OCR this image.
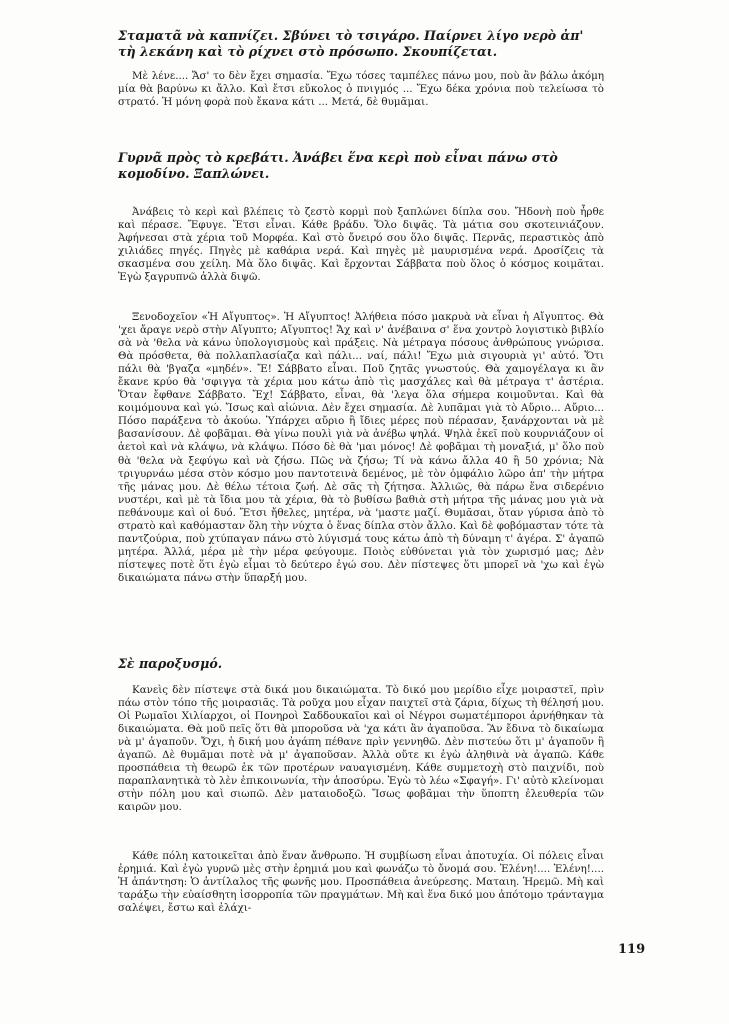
Σταματᾶ νὰ καπνίζει. Σβύνει τὸ τσιγάρο. Παίρνει λίγο νερὸ ἀπ' τὴ λεκάνη καὶ τὸ ρίχνει στὸ πρόσωπο. Σκουπίζεται.

Μὲ λένε.... Ἄσ' το δὲν ἔχει σημασία. Ἔχω τόσες ταμπέλες πάνω μου, ποὺ ἂν βάλω ἀκόμη μία θὰ βαρύνω κι ἄλλο. Καὶ ἔτσι εὔκολος ὁ πνιγμός ... Ἔχω δέκα χρόνια ποὺ τελείωσα τὸ στρατό. Ἡ μόνη φορὰ ποὺ ἔκανα κάτι ... Μετά, δὲ θυμᾶμαι.

Γυρνᾶ πρὸς τὸ κρεβάτι. Ἀνάβει ἕνα κερὶ ποὺ εἶναι πάνω στὸ κομοδίνο. Ξαπλώνει.

Ἀνάβεις τὸ κερὶ καὶ βλέπεις τὸ ζεστὸ κορμὶ ποὺ ξαπλώνει δίπλα σου. Ἤδονὴ ποὺ ἦρθε καὶ πέρασε. Ἔφυγε. Ἔτσι εἶναι. Κάθε βράδυ. Ὅλο διψᾶς. Τὰ μάτια σου σκοτεινιάζουν. Ἀφήνεσαι στὰ χέρια τοῦ Μορφέα. Καὶ στὸ ὄνειρό σου ὅλο διψᾶς. Περνᾶς, περαστικὸς ἀπὸ χιλιάδες πηγές. Πηγὲς μὲ καθάρια νερά. Καὶ πηγὲς μὲ μαυρισμένα νερά. Δροσίζεις τὰ σκασμένα σου χείλη. Μὰ ὅλο διψᾶς. Καὶ ἔρχονται Σάββατα ποὺ ὅλος ὁ κόσμος κοιμᾶται. Ἐγὼ ξαγρυπνῶ ἀλλὰ διψῶ.

Ξενοδοχεῖον «Ἡ Αἴγυπτος». Ἡ Αἴγυπτος! Ἀλήθεια πόσο μακρυὰ νὰ εἶναι ἡ Αἴγυπτος. Θὰ 'χει ἄραγε νερὸ στὴν Αἴγυπτο; Αἴγυπτος! Ἄχ καὶ ν' ἀνέβαινα σ' ἕνα χοντρὸ λογιστικὸ βιβλίο σὰ νὰ 'θελα νὰ κάνω ὑπολογισμοὺς καὶ πράξεις. Νὰ μέτραγα πόσους ἀνθρώπους γνώρισα. Θὰ πρόσθετα, θὰ πολλαπλασίαζα καὶ πάλι... ναί, πάλι! Ἔχω μιὰ σιγουριὰ γι' αὐτό. Ὅτι πάλι θὰ 'βγαζα «μηδέν». Ἔ! Σάββατο εἶναι. Ποῦ ζητᾶς γνωστούς. Θὰ χαμογέλαγα κι ἂν ἔκανε κρύο θὰ 'σφιγγα τὰ χέρια μου κάτω ἀπὸ τὶς μασχάλες καὶ θὰ μέτραγα τ' ἀστέρια. Ὅταν ἔφθανε Σάββατο. Ἔχ! Σάββατο, εἶναι, θὰ 'λεγα ὅλα σήμερα κοιμοῦνται. Καὶ θὰ κοιμόμουνα καὶ γώ. Ἴσως καὶ αἰώνια. Δὲν ἔχει σημασία. Δὲ λυπᾶμαι γιὰ τὸ Αὔριο... Αὔριο... Πόσο παράξενα τὸ ἀκούω. Ὑπάρχει αὔριο ἢ ἴδιες μέρες ποὺ πέρασαν, ξανάρχονται νὰ μὲ βασανίσουν. Δὲ φοβᾶμαι. Θὰ γίνω πουλὶ γιὰ νὰ ἀνέβω ψηλά. Ψηλὰ ἐκεῖ ποὺ κουρνιάζουν οἱ ἀετοὶ καὶ νὰ κλάψω, νὰ κλάψω. Πόσο δὲ θὰ 'μαι μόνος! Δὲ φοβᾶμαι τὴ μοναξιά, μ' ὅλο ποὺ θὰ 'θελα νὰ ξεφύγω καὶ νὰ ζήσω. Πῶς νὰ ζήσω; Τί νὰ κάνω ἄλλα 40 ἢ 50 χρόνια; Νὰ τριγυρνάω μέσα στὸν κόσμο μου παντοτεινὰ δεμένος, μὲ τὸν ὀμφάλιο λῶρο ἀπ' τὴν μήτρα τῆς μάνας μου. Δὲ θέλω τέτοια ζωή. Δὲ σᾶς τὴ ζήτησα. Ἀλλιῶς, θὰ πάρω ἕνα σιδερένιο νυστέρι, καὶ μὲ τὰ ἴδια μου τὰ χέρια, θὰ τὸ βυθίσω βαθιὰ στὴ μήτρα τῆς μάνας μου γιὰ νὰ πεθάνουμε καὶ οἱ δυό. Ἔτσι ἤθελες, μητέρα, νὰ 'μαστε μαζί. Θυμᾶσαι, ὅταν γύρισα ἀπὸ τὸ στρατὸ καὶ καθόμασταν ὅλη τὴν νύχτα ὁ ἕνας δίπλα στὸν ἄλλο. Καὶ δὲ φοβόμασταν τότε τὰ παντζούρια, ποὺ χτύπαγαν πάνω στὸ λύγισμά τους κάτω ἀπὸ τὴ δύναμη τ' ἀγέρα. Σ' ἀγαπῶ μητέρα. Ἀλλά, μέρα μὲ τὴν μέρα φεύγουμε. Ποιὸς εὐθύνεται γιὰ τὸν χωρισμό μας; Δὲν πίστεψες ποτὲ ὅτι ἐγὼ εἶμαι τὸ δεύτερο ἐγώ σου. Δὲν πίστεψες ὅτι μπορεῖ νὰ 'χω καὶ ἐγὼ δικαιώματα πάνω στὴν ὕπαρξή μου.

Σὲ παροξυσμό.

Κανεὶς δὲν πίστεψε στὰ δικά μου δικαιώματα. Τὸ δικό μου μερίδιο εἶχε μοιραστεῖ, πρὶν πάω στὸν τόπο τῆς μοιρασιᾶς. Τὰ ροῦχα μου εἶχαν παιχτεῖ στὰ ζάρια, δίχως τὴ θέλησή μου. Οἱ Ρωμαῖοι Χιλίαρχοι, οἱ Πονηροὶ Σαδδουκαῖοι καὶ οἱ Νέγροι σωματέμποροι ἀρνήθηκαν τὰ δικαιώματα. Θὰ μοῦ πεῖς ὅτι θὰ μποροῦσα νὰ 'χα κάτι ἂν ἀγαποῦσα. Ἂν ἔδινα τὸ δικαίωμα νὰ μ' ἀγαποῦν. Ὄχι, ἡ δική μου ἀγάπη πέθανε πρὶν γεννηθῶ. Δὲν πιστεύω ὅτι μ' ἀγαποῦν ἢ ἀγαπῶ. Δὲ θυμᾶμαι ποτὲ νὰ μ' ἀγαποῦσαν. Ἀλλὰ οὔτε κι ἐγὼ ἀληθινὰ νὰ ἀγαπῶ. Κάθε προσπάθεια τὴ θεωρῶ ἐκ τῶν προτέρων ναυαγισμένη. Κάθε συμμετοχὴ στὸ παιχνίδι, ποὺ παραπλανητικὰ τὸ λὲν ἐπικοινωνία, τὴν ἀποσύρω. Ἐγὼ τὸ λέω «Σφαγή». Γι' αὐτὸ κλείνομαι στὴν πόλη μου καὶ σιωπῶ. Δὲν ματαιοδοξῶ. Ἴσως φοβᾶμαι τὴν ὕποπτη ἐλευθερία τῶν καιρῶν μου.

Κάθε πόλη κατοικεῖται ἀπὸ ἕναν ἄνθρωπο. Ἡ συμβίωση εἶναι ἀποτυχία. Οἱ πόλεις εἶναι ἐρημιά. Καὶ ἐγὼ γυρνῶ μὲς στὴν ἐρημιά μου καὶ φωνάζω τὸ ὄνομά σου. Ἑλένη!.... Ἑλένη!.... Ἡ ἀπάντηση: Ὁ ἀντίλαλος τῆς φωνῆς μου. Προσπάθεια ἀνεύρεσης. Ματαιη. Ἠρεμῶ. Μὴ καὶ ταράξω τὴν εὐαίσθητη ἰσορροπία τῶν πραγμάτων. Μὴ καὶ ἕνα δικό μου ἀπότομο τράνταγμα σαλέψει, ἔστω καὶ ἐλάχι-

119
